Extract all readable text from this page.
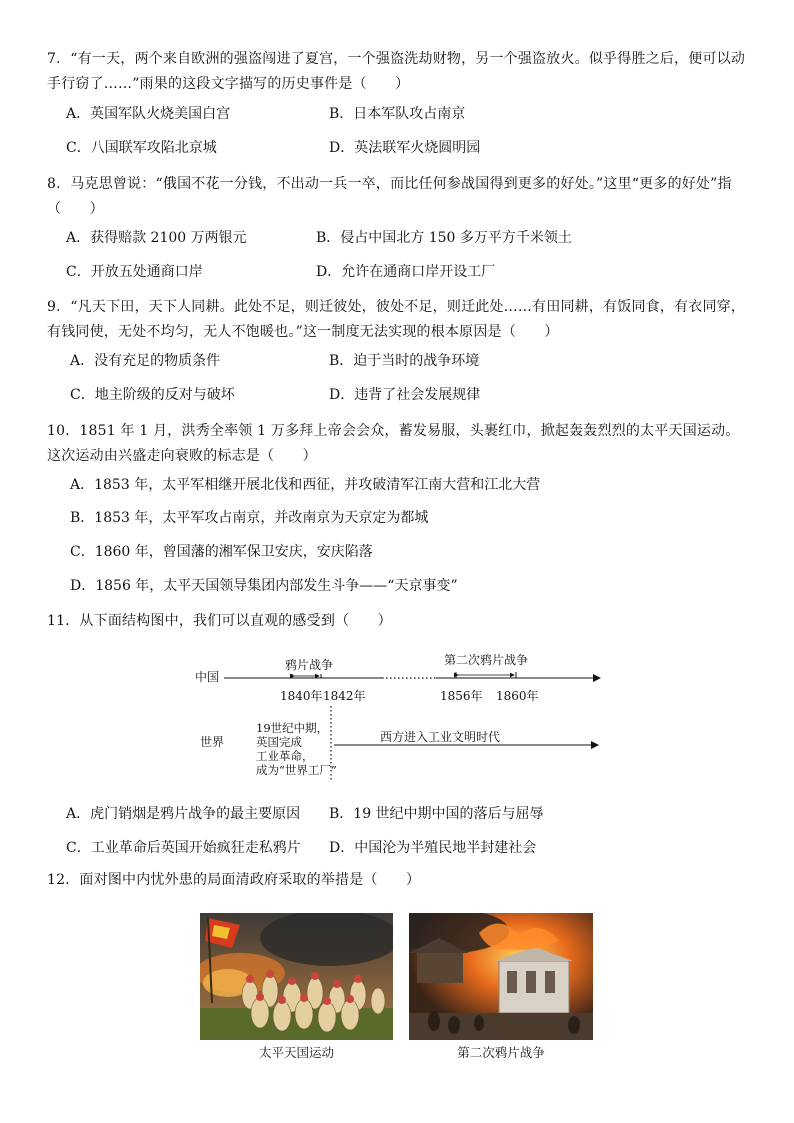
7．“有一天，两个来自欧洲的强盗闯进了夏宫，一个强盗洗劫财物，另一个强盗放火。似乎得胜之后，便可以动手行窃了……”雨果的这段文字描写的历史事件是（　　）
A．英国军队火烧美国白宫	B．日本军队攻占南京
C．八国联军攻陷北京城	D．英法联军火烧圆明园
8．马克思曾说：“俄国不花一分钱，不出动一兵一卒，而比任何参战国得到更多的好处。”这里“更多的好处”指（　　）
A．获得赔款 2100 万两银元	B．侵占中国北方 150 多万平方千米领土
C．开放五处通商口岸	D．允许在通商口岸开设工厂
9．“凡天下田，天下人同耕。此处不足，则迁彼处，彼处不足，则迁此处……有田同耕，有饭同食，有衣同穿，有钱同使，无处不均匀，无人不饱暖也。”这一制度无法实现的根本原因是（　　）
A．没有充足的物质条件	B．迫于当时的战争环境
C．地主阶级的反对与破坏	D．违背了社会发展规律
10．1851 年 1 月，洪秀全率领 1 万多拜上帝会会众，蓄发易服，头裹红巾，掀起轰轰烈烈的太平天国运动。这次运动由兴盛走向衰败的标志是（　　）
A．1853 年，太平军相继开展北伐和西征，并攻破清军江南大营和江北大营
B．1853 年，太平军攻占南京，并改南京为天京定为都城
C．1860 年，曾国藩的湘军保卫安庆，安庆陷落
D．1856 年，太平天国领导集团内部发生斗争——“天京事变”
11．从下面结构图中，我们可以直观的感受到（　　）
中国
鸦片战争	第二次鸦片战争
1840年 1842年	1856年 1860年
世界
19世纪中期，
英国完成
工业革命，
成为“世界工厂”
西方进入工业文明时代
A．虎门销烟是鸦片战争的最主要原因 B．19 世纪中期中国的落后与屈辱
C．工业革命后英国开始疯狂走私鸦片 D．中国沦为半殖民地半封建社会
12．面对图中内忧外患的局面清政府采取的举措是（　　）
太平天国运动	第二次鸦片战争
